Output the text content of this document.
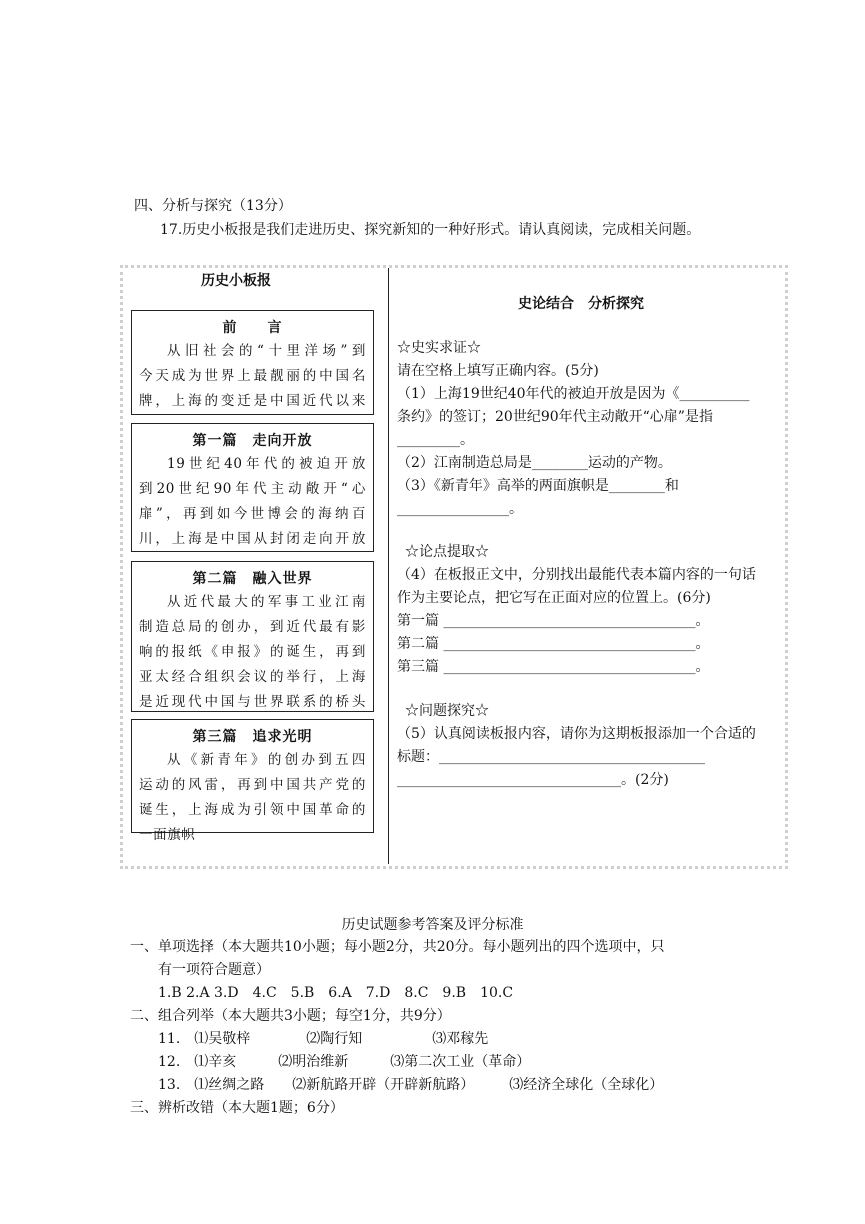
四、分析与探究（13分）
17.历史小板报是我们走进历史、探究新知的一种好形式。请认真阅读，完成相关问题。
历史小板报
前　　言
从旧社会的“十里洋场”到
今天成为世界上最靓丽的中国名
牌，上海的变迁是中国近代以来
第一篇　走向开放
19世纪40年代的被迫开放
到20世纪90年代主动敞开“心
扉”，再到如今世博会的海纳百
川，上海是中国从封闭走向开放
第二篇　融入世界
从近代最大的军事工业江南
制造总局的创办，到近代最有影
响的报纸《申报》的诞生，再到
亚太经合组织会议的举行，上海
是近现代中国与世界联系的桥头
第三篇　追求光明
从《新青年》的创办到五四
运动的风雷，再到中国共产党的
诞生，上海成为引领中国革命的
一面旗帜
史论结合　分析探究
☆史实求证☆
请在空格上填写正确内容。(5分)
（1）上海19世纪40年代的被迫开放是因为《__________
条约》的签订；20世纪90年代主动敞开“心扉”是指
_________。
（2）江南制造总局是________运动的产物。
（3）《新青年》高举的两面旗帜是________和
________________。
☆论点提取☆
（4）在板报正文中，分别找出最能代表本篇内容的一句话
作为主要论点，把它写在正面对应的位置上。(6分)
第一篇 ____________________________________。
第二篇 ____________________________________。
第三篇 ____________________________________。
☆问题探究☆
（5）认真阅读板报内容，请你为这期板报添加一个合适的
标题：______________________________________
________________________________。(2分)
历史试题参考答案及评分标准
一、单项选择（本大题共10小题；每小题2分，共20分。每小题列出的四个选项中，只
　　有一项符合题意）
　　1.B 2.A 3.D　4.C　5.B　6.A　7.D　8.C　9.B　10.C
二、组合列举（本大题共3小题；每空1分，共9分）
　　11.　⑴吴敬梓　　　　⑵陶行知　　　　　⑶邓稼先
　　12.　⑴辛亥　　　⑵明治维新　　　⑶第二次工业（革命）
　　13.　⑴丝绸之路　　⑵新航路开辟（开辟新航路）　　　⑶经济全球化（全球化）
三、辨析改错（本大题1题；6分）
